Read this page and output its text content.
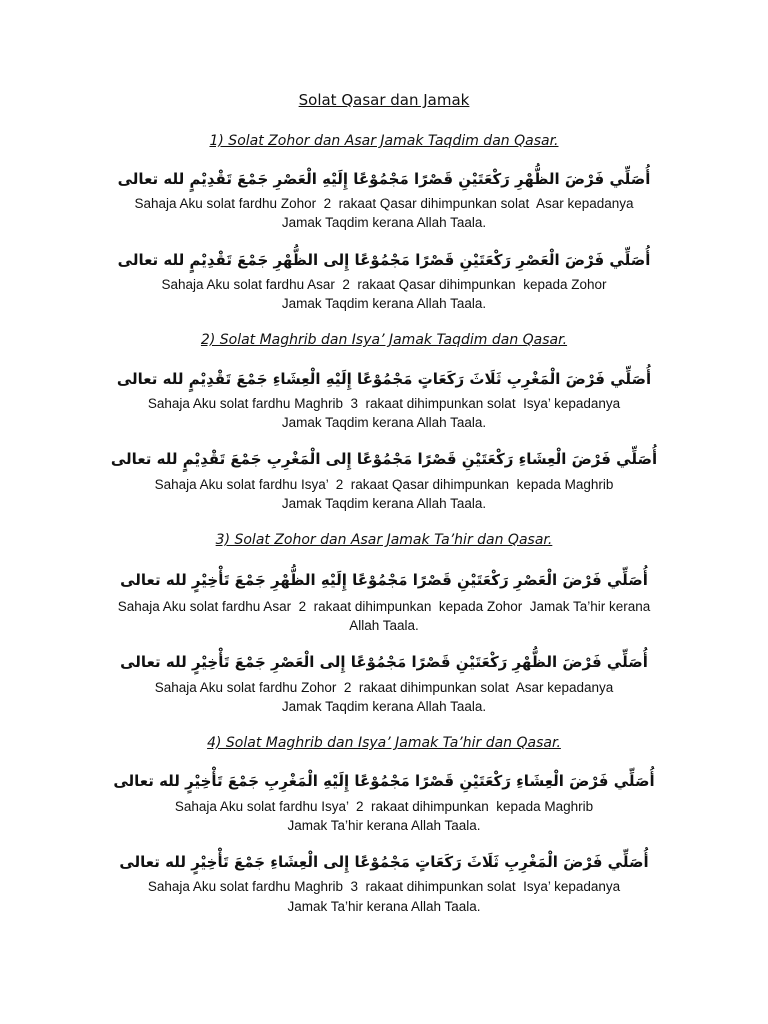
Solat Qasar dan Jamak
1) Solat Zohor dan Asar Jamak Taqdim dan Qasar.
أُصَلِّي فَرْضَ الظُّهْرِ رَكْعَتَيْنِ قَصْرًا مَجْمُوْعًا إِلَيْهِ الْعَصْرِ جَمْعَ تَقْدِيْمٍ لله تعالى
Sahaja Aku solat fardhu Zohor  2  rakaat Qasar dihimpunkan solat  Asar kepadanya
Jamak Taqdim kerana Allah Taala.
أُصَلِّي فَرْضَ الْعَصْرِ رَكْعَتَيْنِ قَصْرًا مَجْمُوْعًا إِلى الظُّهْرِ جَمْعَ تَقْدِيْمٍ لله تعالى
Sahaja Aku solat fardhu Asar  2  rakaat Qasar dihimpunkan  kepada Zohor
Jamak Taqdim kerana Allah Taala.
2) Solat Maghrib dan Isya’ Jamak Taqdim dan Qasar.
أُصَلِّي فَرْضَ الْمَغْرِبِ ثَلَاثَ رَكَعَاتٍ مَجْمُوْعًا إِلَيْهِ الْعِشَاءِ جَمْعَ تَقْدِيْمٍ لله تعالى
Sahaja Aku solat fardhu Maghrib  3  rakaat dihimpunkan solat  Isya’ kepadanya
Jamak Taqdim kerana Allah Taala.
أُصَلِّي فَرْضَ الْعِشَاءِ رَكْعَتَيْنِ قَصْرًا مَجْمُوْعًا إِلى الْمَغْرِبِ جَمْعَ تَقْدِيْمٍ لله تعالى
Sahaja Aku solat fardhu Isya’  2  rakaat Qasar dihimpunkan  kepada Maghrib
Jamak Taqdim kerana Allah Taala.
3) Solat Zohor dan Asar Jamak Ta’hir dan Qasar.
أُصَلِّي فَرْضَ الْعَصْرِ رَكْعَتَيْنِ قَصْرًا مَجْمُوْعًا إِلَيْهِ الظُّهْرِ جَمْعَ تَأْخِيْرٍ لله تعالى
Sahaja Aku solat fardhu Asar  2  rakaat dihimpunkan  kepada Zohor  Jamak Ta’hir kerana
Allah Taala.
أُصَلِّي فَرْضَ الظُّهْرِ رَكْعَتَيْنِ قَصْرًا مَجْمُوْعًا إِلى الْعَصْرِ جَمْعَ تَأْخِيْرٍ لله تعالى
Sahaja Aku solat fardhu Zohor  2  rakaat dihimpunkan solat  Asar kepadanya
Jamak Taqdim kerana Allah Taala.
4) Solat Maghrib dan Isya’ Jamak Ta’hir dan Qasar.
أُصَلِّي فَرْضَ الْعِشَاءِ رَكْعَتَيْنِ قَصْرًا مَجْمُوْعًا إِلَيْهِ الْمَغْرِبِ جَمْعَ تَأْخِيْرٍ لله تعالى
Sahaja Aku solat fardhu Isya’  2  rakaat dihimpunkan  kepada Maghrib
Jamak Ta’hir kerana Allah Taala.
أُصَلِّي فَرْضَ الْمَغْرِبِ ثَلَاثَ رَكَعَاتٍ مَجْمُوْعًا إِلى الْعِشَاءِ جَمْعَ تَأْخِيْرٍ لله تعالى
Sahaja Aku solat fardhu Maghrib  3  rakaat dihimpunkan solat  Isya’ kepadanya
Jamak Ta’hir kerana Allah Taala.
